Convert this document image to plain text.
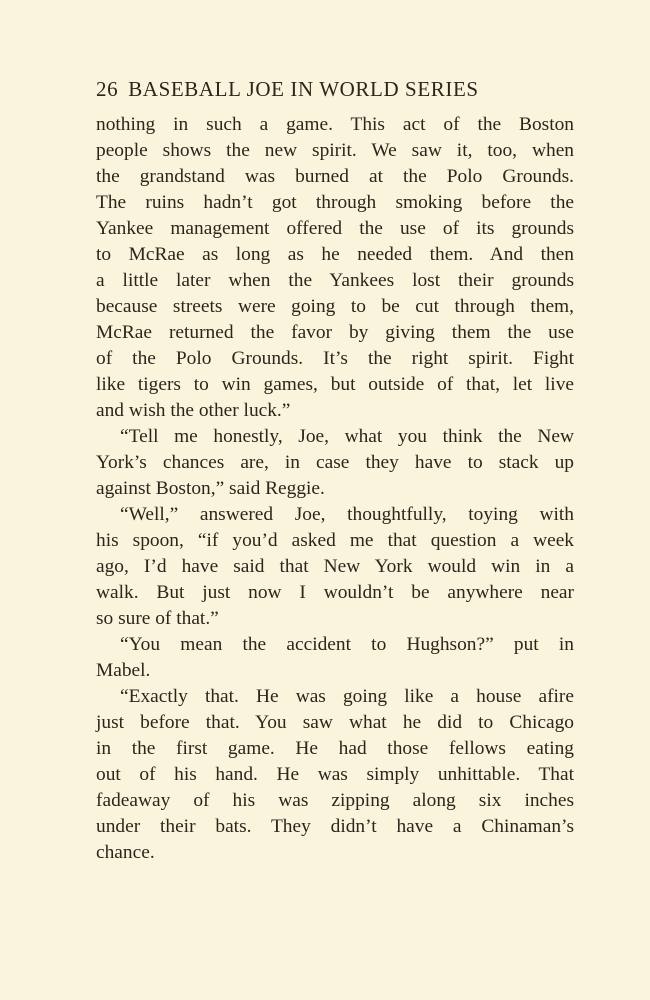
26 BASEBALL JOE IN WORLD SERIES
nothing in such a game. This act of the Boston
people shows the new spirit. We saw it, too, when
the grandstand was burned at the Polo Grounds.
The ruins hadn’t got through smoking before the
Yankee management offered the use of its grounds
to McRae as long as he needed them. And then
a little later when the Yankees lost their grounds
because streets were going to be cut through them,
McRae returned the favor by giving them the use
of the Polo Grounds. It’s the right spirit. Fight
like tigers to win games, but outside of that, let live
and wish the other luck.”
“Tell me honestly, Joe, what you think the New
York’s chances are, in case they have to stack up
against Boston,” said Reggie.
“Well,” answered Joe, thoughtfully, toying with
his spoon, “if you’d asked me that question a week
ago, I’d have said that New York would win in a
walk. But just now I wouldn’t be anywhere near
so sure of that.”
“You mean the accident to Hughson?” put in
Mabel.
“Exactly that. He was going like a house afire
just before that. You saw what he did to Chicago
in the first game. He had those fellows eating
out of his hand. He was simply unhittable. That
fadeaway of his was zipping along six inches
under their bats. They didn’t have a Chinaman’s
chance.
